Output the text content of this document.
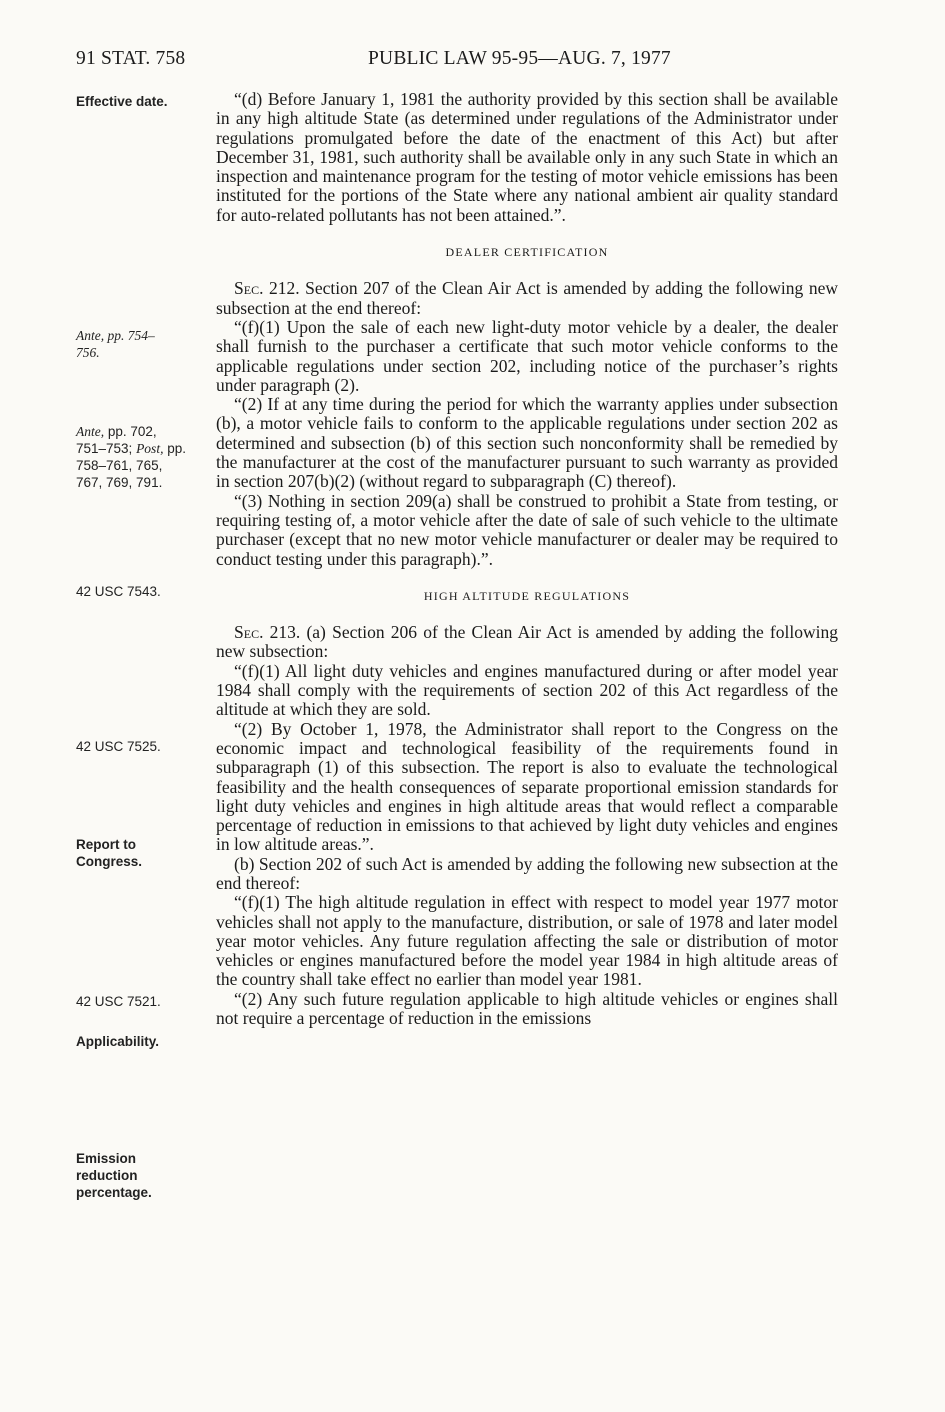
91 STAT. 758	PUBLIC LAW 95-95—AUG. 7, 1977
Effective date.
Ante, pp. 754–756.
Ante, pp. 702, 751–753; Post, pp. 758–761, 765, 767, 769, 791.
42 USC 7543.
42 USC 7525.
Report to Congress.
42 USC 7521.
Applicability.
Emission reduction percentage.

“(d) Before January 1, 1981 the authority provided by this section shall be available in any high altitude State (as determined under regulations of the Administrator under regulations promulgated before the date of the enactment of this Act) but after December 31, 1981, such authority shall be available only in any such State in which an inspection and maintenance program for the testing of motor vehicle emissions has been instituted for the portions of the State where any national ambient air quality standard for auto-related pollutants has not been attained.”.

DEALER CERTIFICATION

Sec. 212. Section 207 of the Clean Air Act is amended by adding the following new subsection at the end thereof:

“(f)(1) Upon the sale of each new light-duty motor vehicle by a dealer, the dealer shall furnish to the purchaser a certificate that such motor vehicle conforms to the applicable regulations under section 202, including notice of the purchaser’s rights under paragraph (2).

“(2) If at any time during the period for which the warranty applies under subsection (b), a motor vehicle fails to conform to the applicable regulations under section 202 as determined and subsection (b) of this section such nonconformity shall be remedied by the manufacturer at the cost of the manufacturer pursuant to such warranty as provided in section 207(b)(2) (without regard to subparagraph (C) thereof).

“(3) Nothing in section 209(a) shall be construed to prohibit a State from testing, or requiring testing of, a motor vehicle after the date of sale of such vehicle to the ultimate purchaser (except that no new motor vehicle manufacturer or dealer may be required to conduct testing under this paragraph).”.

HIGH ALTITUDE REGULATIONS

Sec. 213. (a) Section 206 of the Clean Air Act is amended by adding the following new subsection:

“(f)(1) All light duty vehicles and engines manufactured during or after model year 1984 shall comply with the requirements of section 202 of this Act regardless of the altitude at which they are sold.

“(2) By October 1, 1978, the Administrator shall report to the Congress on the economic impact and technological feasibility of the requirements found in subparagraph (1) of this subsection. The report is also to evaluate the technological feasibility and the health consequences of separate proportional emission standards for light duty vehicles and engines in high altitude areas that would reflect a comparable percentage of reduction in emissions to that achieved by light duty vehicles and engines in low altitude areas.”.

(b) Section 202 of such Act is amended by adding the following new subsection at the end thereof:

“(f)(1) The high altitude regulation in effect with respect to model year 1977 motor vehicles shall not apply to the manufacture, distribution, or sale of 1978 and later model year motor vehicles. Any future regulation affecting the sale or distribution of motor vehicles or engines manufactured before the model year 1984 in high altitude areas of the country shall take effect no earlier than model year 1981.

“(2) Any such future regulation applicable to high altitude vehicles or engines shall not require a percentage of reduction in the emissions
